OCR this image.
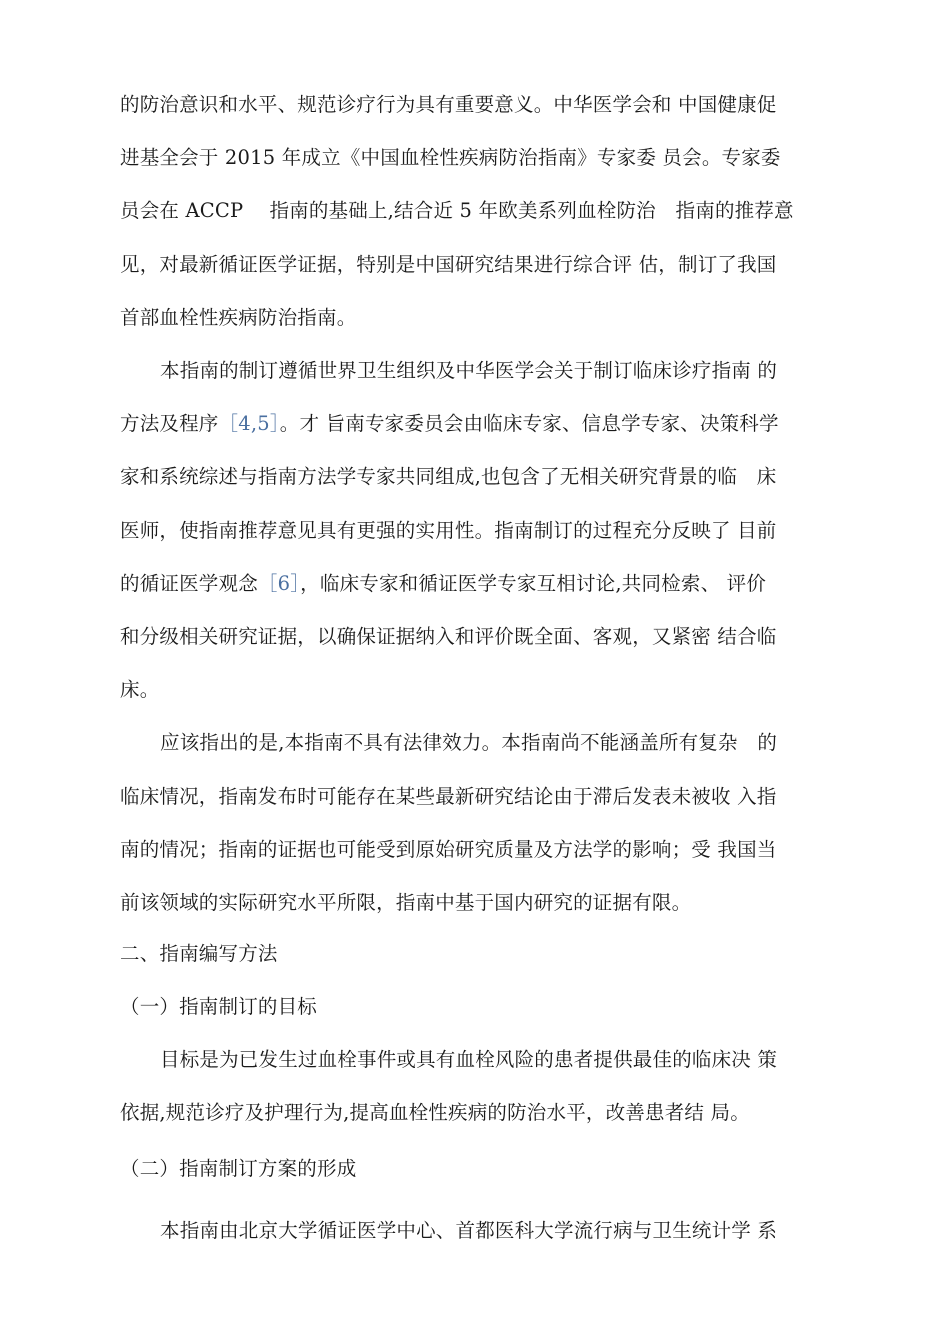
的防治意识和水平、规范诊疗行为具有重要意义。中华医学会和 中国健康促
进基全会于 2015 年成立《中国血栓性疾病防治指南》专家委 员会。专家委
员会在 ACCP　 指南的基础上,结合近 5 年欧美系列血栓防治　指南的推荐意
见，对最新循证医学证据，特别是中国研究结果进行综合评 估，制订了我国
首部血栓性疾病防治指南。
本指南的制订遵循世界卫生组织及中华医学会关于制订临床诊疗指南 的
方法及程序［4,5］。才 旨南专家委员会由临床专家、信息学专家、决策科学
家和系统综述与指南方法学专家共同组成,也包含了无相关研究背景的临　床
医师，使指南推荐意见具有更强的实用性。指南制订的过程充分反映了 目前
的循证医学观念［6］，临床专家和循证医学专家互相讨论,共同检索、 评价
和分级相关研究证据，以确保证据纳入和评价既全面、客观，又紧密 结合临
床。
应该指出的是,本指南不具有法律效力。本指南尚不能涵盖所有复杂　的
临床情况，指南发布时可能存在某些最新研究结论由于滞后发表未被收 入指
南的情况；指南的证据也可能受到原始研究质量及方法学的影响；受 我国当
前该领域的实际研究水平所限，指南中基于国内研究的证据有限。
二、指南编写方法
（一）指南制订的目标
目标是为已发生过血栓事件或具有血栓风险的患者提供最佳的临床决 策
依据,规范诊疗及护理行为,提高血栓性疾病的防治水平，改善患者结 局。
（二）指南制订方案的形成
本指南由北京大学循证医学中心、首都医科大学流行病与卫生统计学 系
